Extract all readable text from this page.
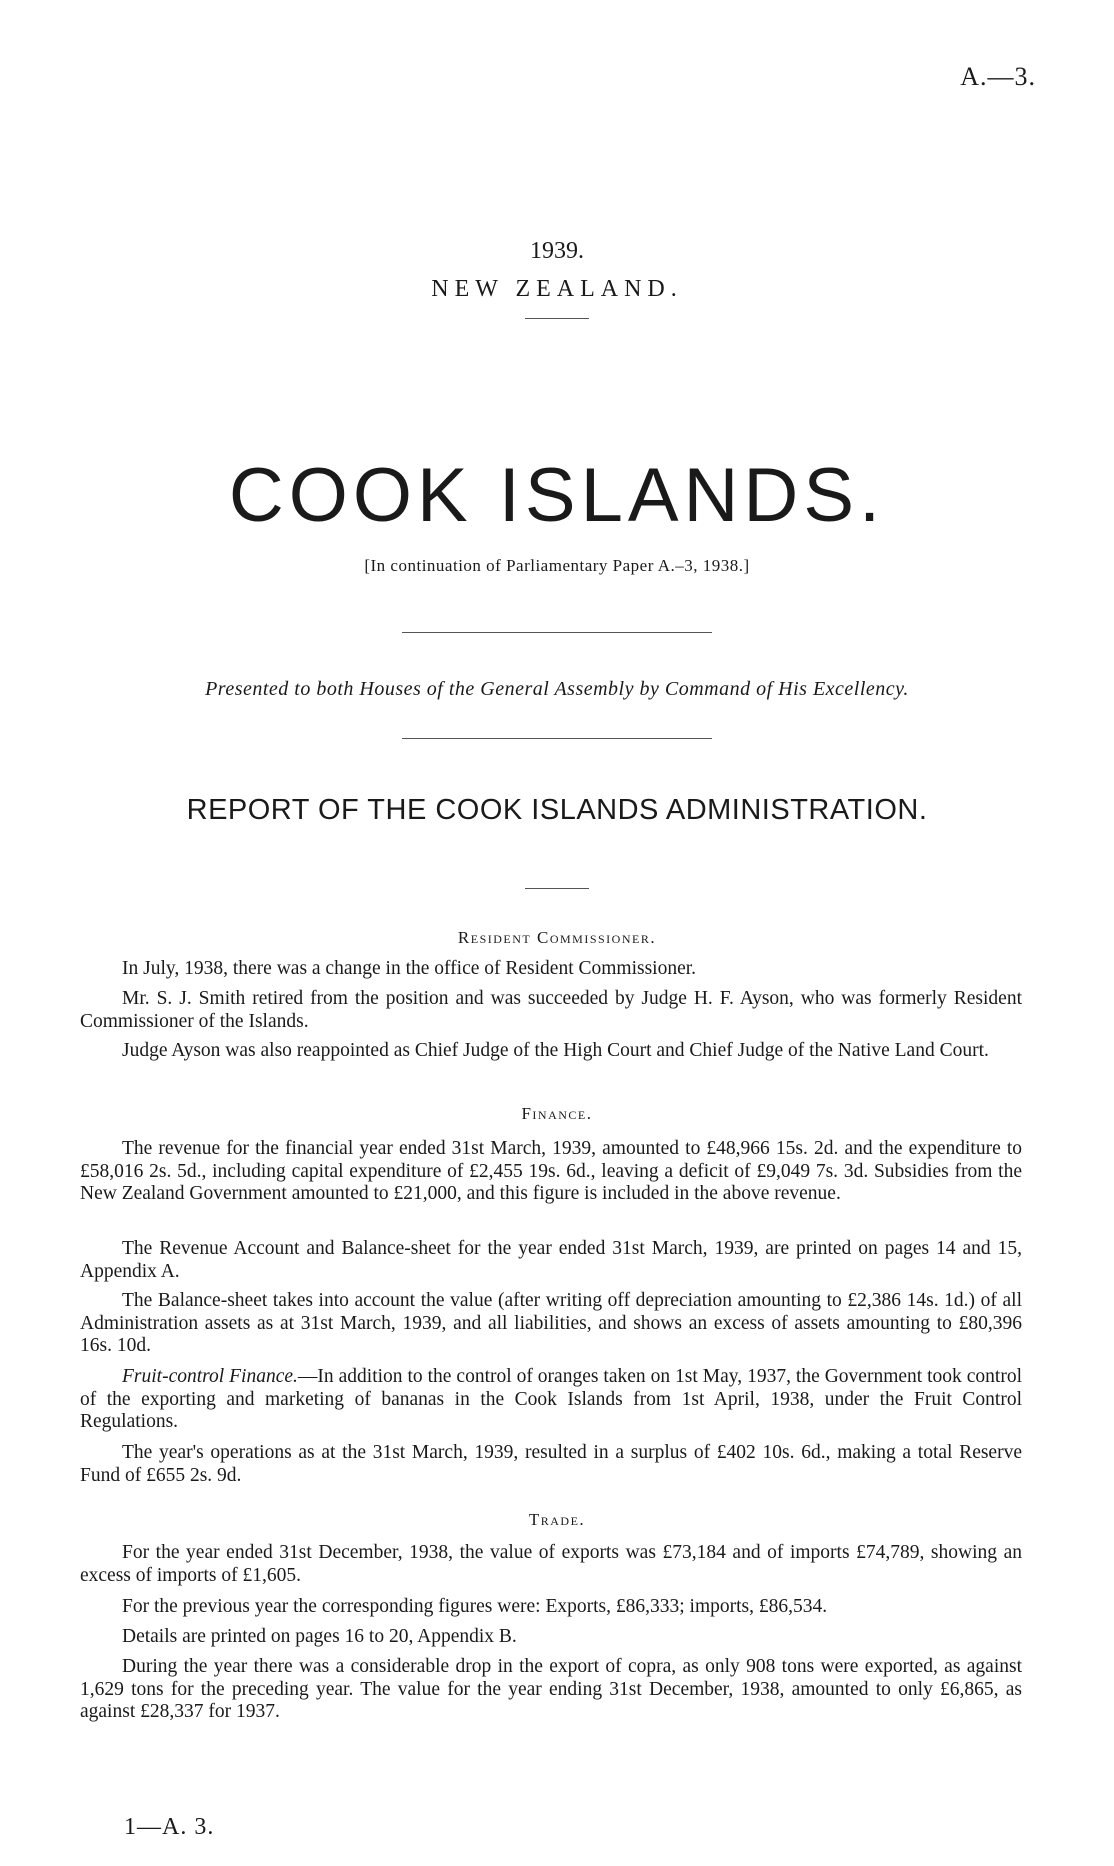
A.—3.
1939.
NEW ZEALAND.
COOK ISLANDS.
[In continuation of Parliamentary Paper A.–3, 1938.]
Presented to both Houses of the General Assembly by Command of His Excellency.
REPORT OF THE COOK ISLANDS ADMINISTRATION.
Resident Commissioner.
In July, 1938, there was a change in the office of Resident Commissioner.
Mr. S. J. Smith retired from the position and was succeeded by Judge H. F. Ayson, who was formerly Resident Commissioner of the Islands.
Judge Ayson was also reappointed as Chief Judge of the High Court and Chief Judge of the Native Land Court.
Finance.
The revenue for the financial year ended 31st March, 1939, amounted to £48,966 15s. 2d. and the expenditure to £58,016 2s. 5d., including capital expenditure of £2,455 19s. 6d., leaving a deficit of £9,049 7s. 3d. Subsidies from the New Zealand Government amounted to £21,000, and this figure is included in the above revenue.
The Revenue Account and Balance-sheet for the year ended 31st March, 1939, are printed on pages 14 and 15, Appendix A.
The Balance-sheet takes into account the value (after writing off depreciation amounting to £2,386 14s. 1d.) of all Administration assets as at 31st March, 1939, and all liabilities, and shows an excess of assets amounting to £80,396 16s. 10d.
Fruit-control Finance.—In addition to the control of oranges taken on 1st May, 1937, the Government took control of the exporting and marketing of bananas in the Cook Islands from 1st April, 1938, under the Fruit Control Regulations.
The year's operations as at the 31st March, 1939, resulted in a surplus of £402 10s. 6d., making a total Reserve Fund of £655 2s. 9d.
Trade.
For the year ended 31st December, 1938, the value of exports was £73,184 and of imports £74,789, showing an excess of imports of £1,605.
For the previous year the corresponding figures were: Exports, £86,333; imports, £86,534.
Details are printed on pages 16 to 20, Appendix B.
During the year there was a considerable drop in the export of copra, as only 908 tons were exported, as against 1,629 tons for the preceding year. The value for the year ending 31st December, 1938, amounted to only £6,865, as against £28,337 for 1937.
1—A. 3.
